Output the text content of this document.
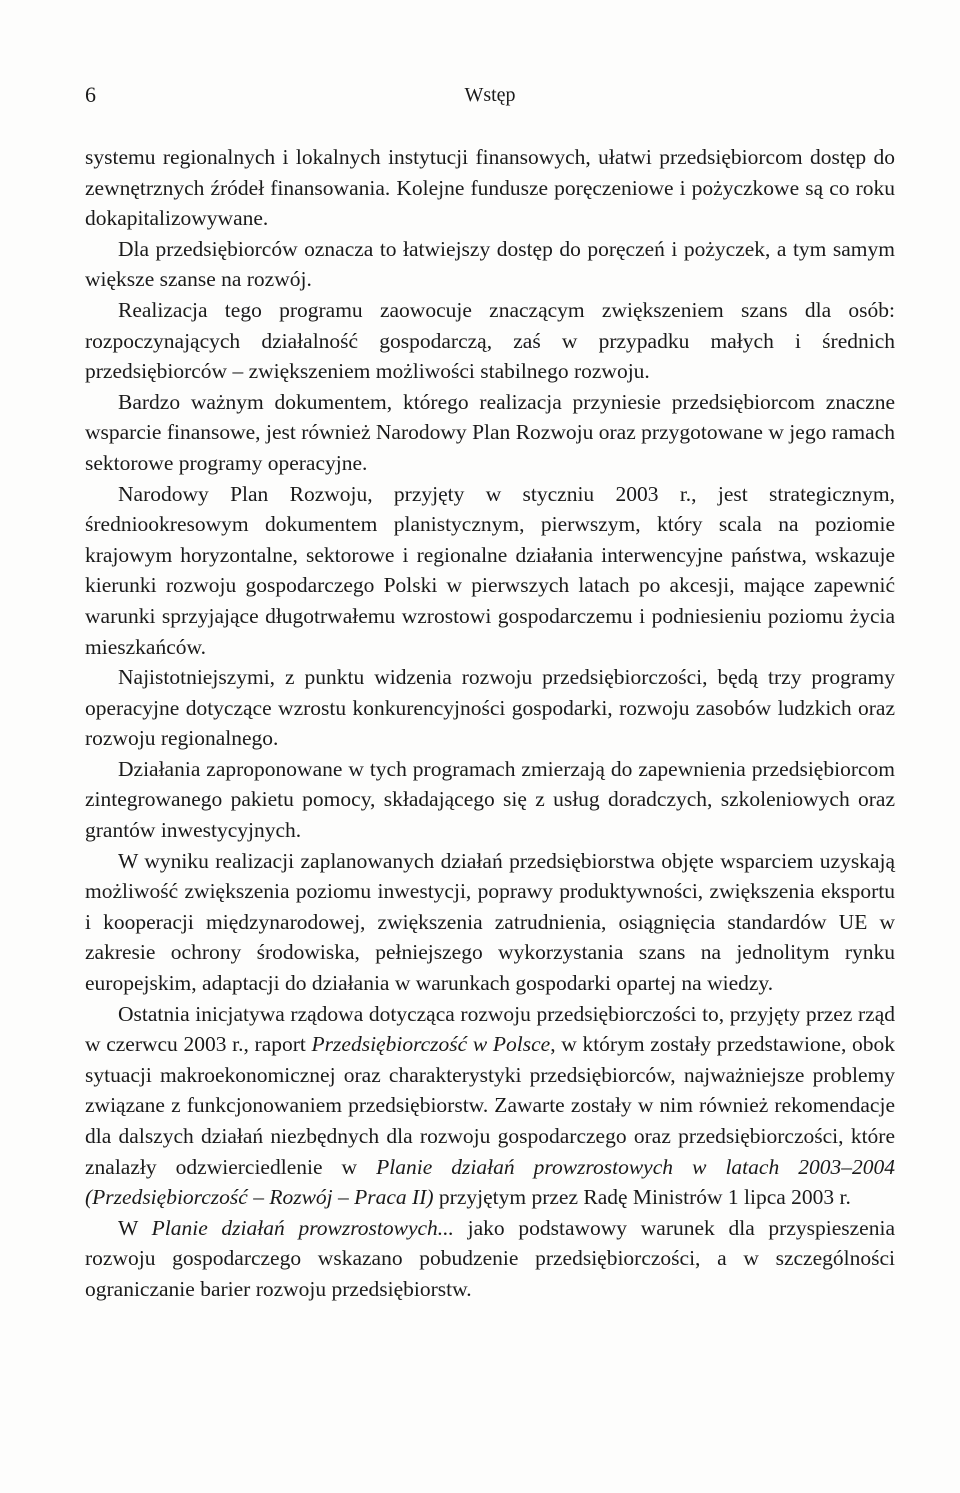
6	Wstęp

systemu regionalnych i lokalnych instytucji finansowych, ułatwi przedsiębiorcom dostęp do zewnętrznych źródeł finansowania. Kolejne fundusze poręczeniowe i pożyczkowe są co roku dokapitalizowywane.

Dla przedsiębiorców oznacza to łatwiejszy dostęp do poręczeń i pożyczek, a tym samym większe szanse na rozwój.

Realizacja tego programu zaowocuje znaczącym zwiększeniem szans dla osób: rozpoczynających działalność gospodarczą, zaś w przypadku małych i średnich przedsiębiorców – zwiększeniem możliwości stabilnego rozwoju.

Bardzo ważnym dokumentem, którego realizacja przyniesie przedsiębiorcom znaczne wsparcie finansowe, jest również Narodowy Plan Rozwoju oraz przygotowane w jego ramach sektorowe programy operacyjne.

Narodowy Plan Rozwoju, przyjęty w styczniu 2003 r., jest strategicznym, średniookresowym dokumentem planistycznym, pierwszym, który scala na poziomie krajowym horyzontalne, sektorowe i regionalne działania interwencyjne państwa, wskazuje kierunki rozwoju gospodarczego Polski w pierwszych latach po akcesji, mające zapewnić warunki sprzyjające długotrwałemu wzrostowi gospodarczemu i podniesieniu poziomu życia mieszkańców.

Najistotniejszymi, z punktu widzenia rozwoju przedsiębiorczości, będą trzy programy operacyjne dotyczące wzrostu konkurencyjności gospodarki, rozwoju zasobów ludzkich oraz rozwoju regionalnego.

Działania zaproponowane w tych programach zmierzają do zapewnienia przedsiębiorcom zintegrowanego pakietu pomocy, składającego się z usług doradczych, szkoleniowych oraz grantów inwestycyjnych.

W wyniku realizacji zaplanowanych działań przedsiębiorstwa objęte wsparciem uzyskają możliwość zwiększenia poziomu inwestycji, poprawy produktywności, zwiększenia eksportu i kooperacji międzynarodowej, zwiększenia zatrudnienia, osiągnięcia standardów UE w zakresie ochrony środowiska, pełniejszego wykorzystania szans na jednolitym rynku europejskim, adaptacji do działania w warunkach gospodarki opartej na wiedzy.

Ostatnia inicjatywa rządowa dotycząca rozwoju przedsiębiorczości to, przyjęty przez rząd w czerwcu 2003 r., raport Przedsiębiorczość w Polsce, w którym zostały przedstawione, obok sytuacji makroekonomicznej oraz charakterystyki przedsiębiorców, najważniejsze problemy związane z funkcjonowaniem przedsiębiorstw. Zawarte zostały w nim również rekomendacje dla dalszych działań niezbędnych dla rozwoju gospodarczego oraz przedsiębiorczości, które znalazły odzwierciedlenie w Planie działań prowzrostowych w latach 2003–2004 (Przedsiębiorczość – Rozwój – Praca II) przyjętym przez Radę Ministrów 1 lipca 2003 r.

W Planie działań prowzrostowych... jako podstawowy warunek dla przyspieszenia rozwoju gospodarczego wskazano pobudzenie przedsiębiorczości, a w szczególności ograniczanie barier rozwoju przedsiębiorstw.
